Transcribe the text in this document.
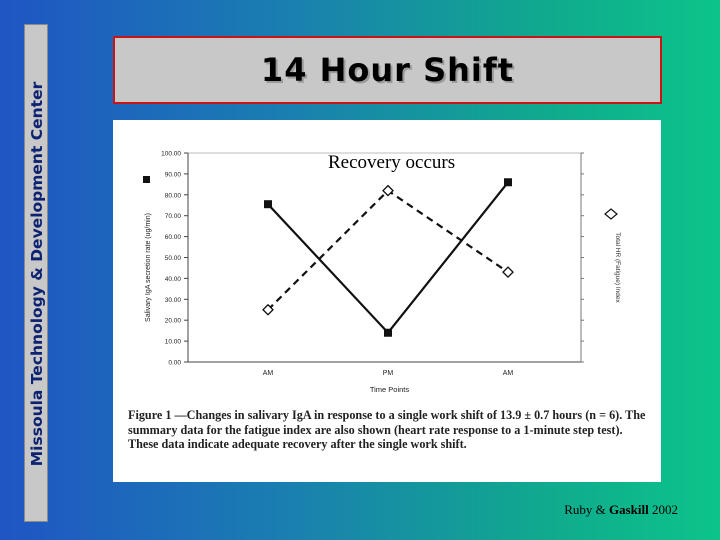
Missoula Technology & Development Center
14 Hour Shift
0.00
10.00
20.00
30.00
40.00
50.00
60.00
70.00
80.00
90.00
100.00
AM	PM	AM
Time Points
Salivary IgA secretion rate (ug/min)	Total HR (Fatigue) Index
Recovery occurs
Figure 1 —Changes in salivary IgA in response to a single work shift of 13.9 ± 0.7 hours (n = 6). The summary data for the fatigue index are also shown (heart rate response to a 1-minute step test). These data indicate adequate recovery after the single work shift.
Ruby & Gaskill 2002
